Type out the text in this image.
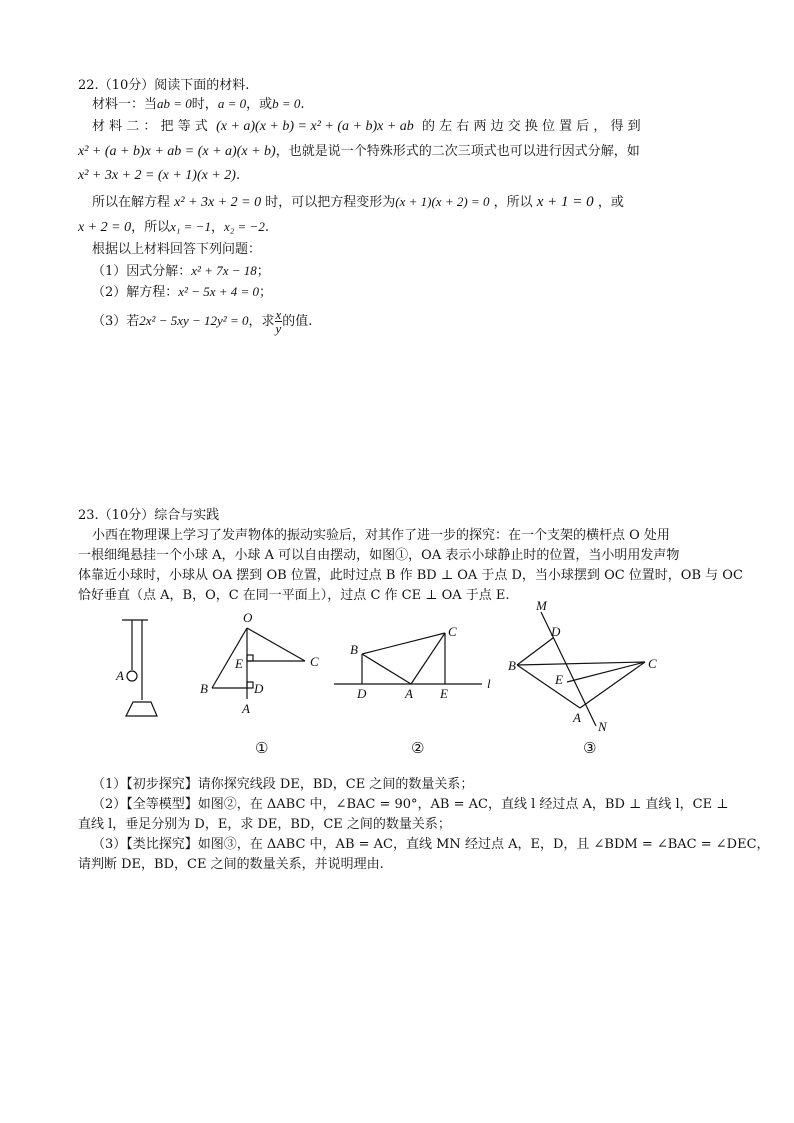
22.（10分）阅读下面的材料.
材料一：当ab = 0时，a = 0，或b = 0.
材 料 二 ： 把 等 式 (x + a)(x + b) = x² + (a + b)x + ab 的 左 右 两 边 交 换 位 置 后 ， 得 到
x² + (a + b)x + ab = (x + a)(x + b)，也就是说一个特殊形式的二次三项式也可以进行因式分解，如
x² + 3x + 2 = (x + 1)(x + 2).
所以在解方程 x² + 3x + 2 = 0 时，可以把方程变形为(x + 1)(x + 2) = 0 ，所以 x + 1 = 0 ，或
x + 2 = 0，所以x₁ = −1，x₂ = −2.
根据以上材料回答下列问题：
（1）因式分解：x² + 7x − 18；
（2）解方程：x² − 5x + 4 = 0；
（3）若2x² − 5xy − 12y² = 0，求 $\frac{x}{y}$ 的值.
23.（10分）综合与实践
小西在物理课上学习了发声物体的振动实验后，对其作了进一步的探究：在一个支架的横杆点 O 处用
一根细绳悬挂一个小球 A，小球 A 可以自由摆动，如图①，OA 表示小球静止时的位置，当小明用发声物
体靠近小球时，小球从 OA 摆到 OB 位置，此时过点 B 作 BD ⊥ OA 于点 D，当小球摆到 OC 位置时，OB 与 OC
恰好垂直（点 A，B，O，C 在同一平面上），过点 C 作 CE ⊥ OA 于点 E.
A
O
E	C
D
B
A
B
C
D	A E
l
M
D
B	C
E
A
N
①	②	③
（1）【初步探究】请你探究线段 DE，BD，CE 之间的数量关系；
（2）【全等模型】如图②，在 ΔABC 中，∠BAC = 90°，AB = AC，直线 l 经过点 A，BD ⊥ 直线 l，CE ⊥
直线 l，垂足分别为 D，E，求 DE，BD，CE 之间的数量关系；
（3）【类比探究】如图③，在 ΔABC 中，AB = AC，直线 MN 经过点 A，E，D，且 ∠BDM = ∠BAC = ∠DEC，
请判断 DE，BD，CE 之间的数量关系，并说明理由.
